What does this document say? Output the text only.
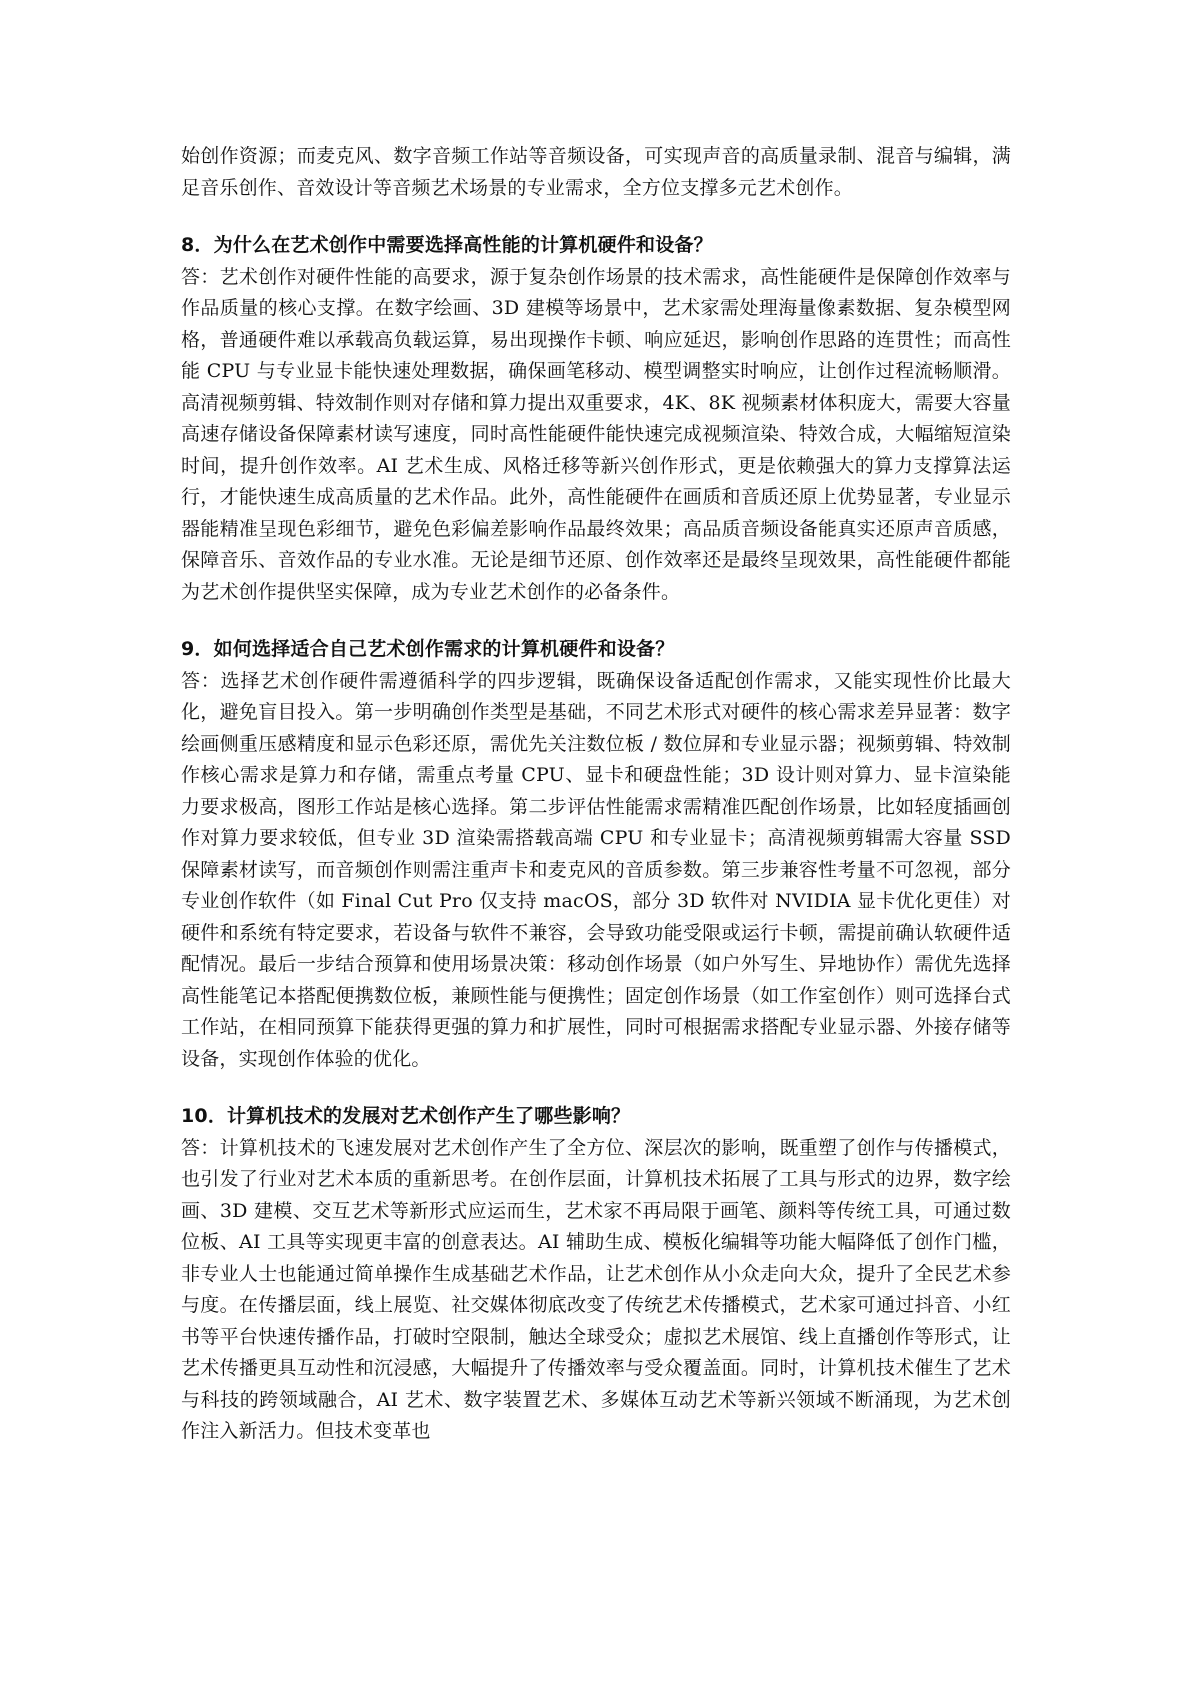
始创作资源；而麦克风、数字音频工作站等音频设备，可实现声音的高质量录制、混音与编辑，满足音乐创作、音效设计等音频艺术场景的专业需求，全方位支撑多元艺术创作。

8．为什么在艺术创作中需要选择高性能的计算机硬件和设备？

答：艺术创作对硬件性能的高要求，源于复杂创作场景的技术需求，高性能硬件是保障创作效率与作品质量的核心支撑。在数字绘画、3D 建模等场景中，艺术家需处理海量像素数据、复杂模型网格，普通硬件难以承载高负载运算，易出现操作卡顿、响应延迟，影响创作思路的连贯性；而高性能 CPU 与专业显卡能快速处理数据，确保画笔移动、模型调整实时响应，让创作过程流畅顺滑。高清视频剪辑、特效制作则对存储和算力提出双重要求，4K、8K 视频素材体积庞大，需要大容量高速存储设备保障素材读写速度，同时高性能硬件能快速完成视频渲染、特效合成，大幅缩短渲染时间，提升创作效率。AI 艺术生成、风格迁移等新兴创作形式，更是依赖强大的算力支撑算法运行，才能快速生成高质量的艺术作品。此外，高性能硬件在画质和音质还原上优势显著，专业显示器能精准呈现色彩细节，避免色彩偏差影响作品最终效果；高品质音频设备能真实还原声音质感，保障音乐、音效作品的专业水准。无论是细节还原、创作效率还是最终呈现效果，高性能硬件都能为艺术创作提供坚实保障，成为专业艺术创作的必备条件。

9．如何选择适合自己艺术创作需求的计算机硬件和设备？

答：选择艺术创作硬件需遵循科学的四步逻辑，既确保设备适配创作需求，又能实现性价比最大化，避免盲目投入。第一步明确创作类型是基础，不同艺术形式对硬件的核心需求差异显著：数字绘画侧重压感精度和显示色彩还原，需优先关注数位板 / 数位屏和专业显示器；视频剪辑、特效制作核心需求是算力和存储，需重点考量 CPU、显卡和硬盘性能；3D 设计则对算力、显卡渲染能力要求极高，图形工作站是核心选择。第二步评估性能需求需精准匹配创作场景，比如轻度插画创作对算力要求较低，但专业 3D 渲染需搭载高端 CPU 和专业显卡；高清视频剪辑需大容量 SSD 保障素材读写，而音频创作则需注重声卡和麦克风的音质参数。第三步兼容性考量不可忽视，部分专业创作软件（如 Final Cut Pro 仅支持 macOS，部分 3D 软件对 NVIDIA 显卡优化更佳）对硬件和系统有特定要求，若设备与软件不兼容，会导致功能受限或运行卡顿，需提前确认软硬件适配情况。最后一步结合预算和使用场景决策：移动创作场景（如户外写生、异地协作）需优先选择高性能笔记本搭配便携数位板，兼顾性能与便携性；固定创作场景（如工作室创作）则可选择台式工作站，在相同预算下能获得更强的算力和扩展性，同时可根据需求搭配专业显示器、外接存储等设备，实现创作体验的优化。

10．计算机技术的发展对艺术创作产生了哪些影响？

答：计算机技术的飞速发展对艺术创作产生了全方位、深层次的影响，既重塑了创作与传播模式，也引发了行业对艺术本质的重新思考。在创作层面，计算机技术拓展了工具与形式的边界，数字绘画、3D 建模、交互艺术等新形式应运而生，艺术家不再局限于画笔、颜料等传统工具，可通过数位板、AI 工具等实现更丰富的创意表达。AI 辅助生成、模板化编辑等功能大幅降低了创作门槛，非专业人士也能通过简单操作生成基础艺术作品，让艺术创作从小众走向大众，提升了全民艺术参与度。在传播层面，线上展览、社交媒体彻底改变了传统艺术传播模式，艺术家可通过抖音、小红书等平台快速传播作品，打破时空限制，触达全球受众；虚拟艺术展馆、线上直播创作等形式，让艺术传播更具互动性和沉浸感，大幅提升了传播效率与受众覆盖面。同时，计算机技术催生了艺术与科技的跨领域融合，AI 艺术、数字装置艺术、多媒体互动艺术等新兴领域不断涌现，为艺术创作注入新活力。但技术变革也
